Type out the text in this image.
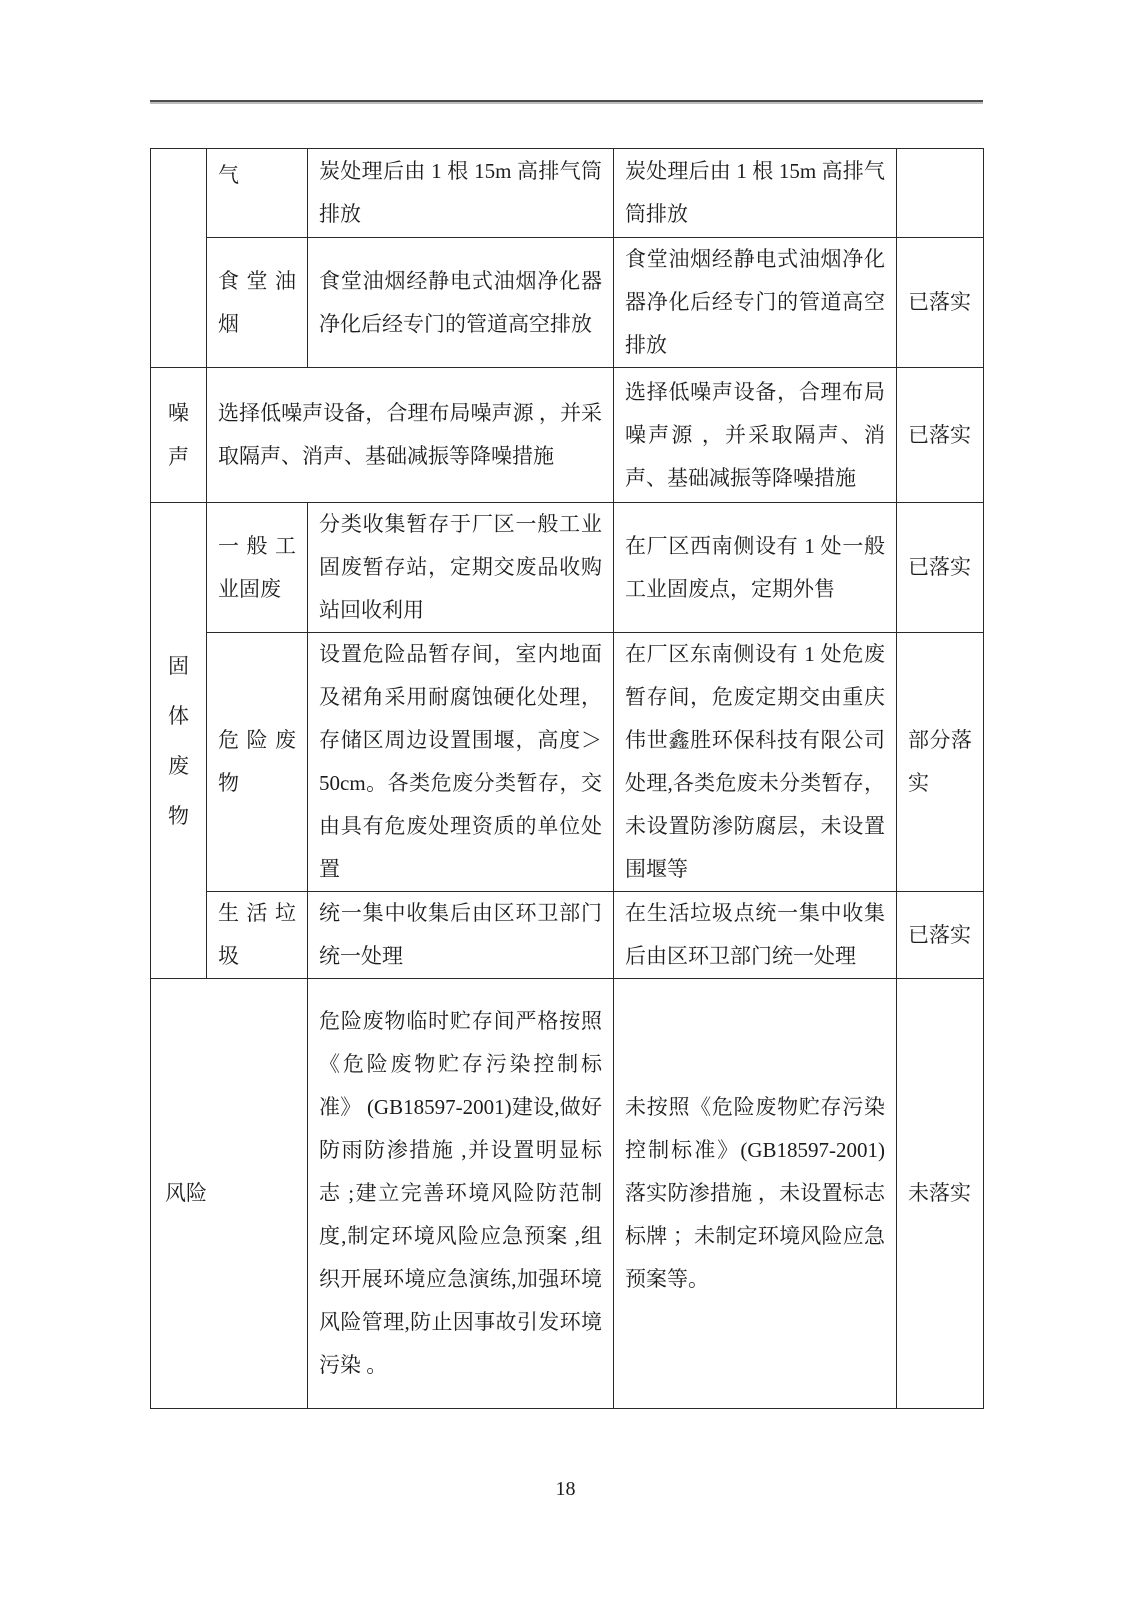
	气	炭处理后由 1 根 15m 高排气筒排放	炭处理后由 1 根 15m 高排气筒排放	
	食堂油烟	食堂油烟经静电式油烟净化器净化后经专门的管道高空排放	食堂油烟经静电式油烟净化器净化后经专门的管道高空排放	已落实

噪声	选择低噪声设备，合理布局噪声源 ，并采取隔声、消声、基础减振等降噪措施		选择低噪声设备，合理布局噪声源 ，并采取隔声、消声、基础减振等降噪措施	已落实

固体废物	一般工业固废	分类收集暂存于厂区一般工业固废暂存站，定期交废品收购站回收利用	在厂区西南侧设有 1 处一般工业固废点，定期外售	已落实
	危险废物	设置危险品暂存间，室内地面及裙角采用耐腐蚀硬化处理，存储区周边设置围堰，高度＞50cm。各类危废分类暂存，交由具有危废处理资质的单位处置	在厂区东南侧设有 1 处危废暂存间，危废定期交由重庆伟世鑫胜环保科技有限公司处理,各类危废未分类暂存，未设置防渗防腐层，未设置围堰等	部分落实
	生活垃圾	统一集中收集后由区环卫部门统一处理	在生活垃圾点统一集中收集后由区环卫部门统一处理	已落实
风险		危险废物临时贮存间严格按照《危险废物贮存污染控制标准》 (GB18597-2001)建设,做好防雨防渗措施 ,并设置明显标志 ;建立完善环境风险防范制度,制定环境风险应急预案 ,组织开展环境应急演练,加强环境风险管理,防止因事故引发环境污染 。	未按照《危险废物贮存污染控制标准》(GB18597-2001)落实防渗措施 ，未设置标志标牌 ；未制定环境风险应急预案等。	未落实
18
